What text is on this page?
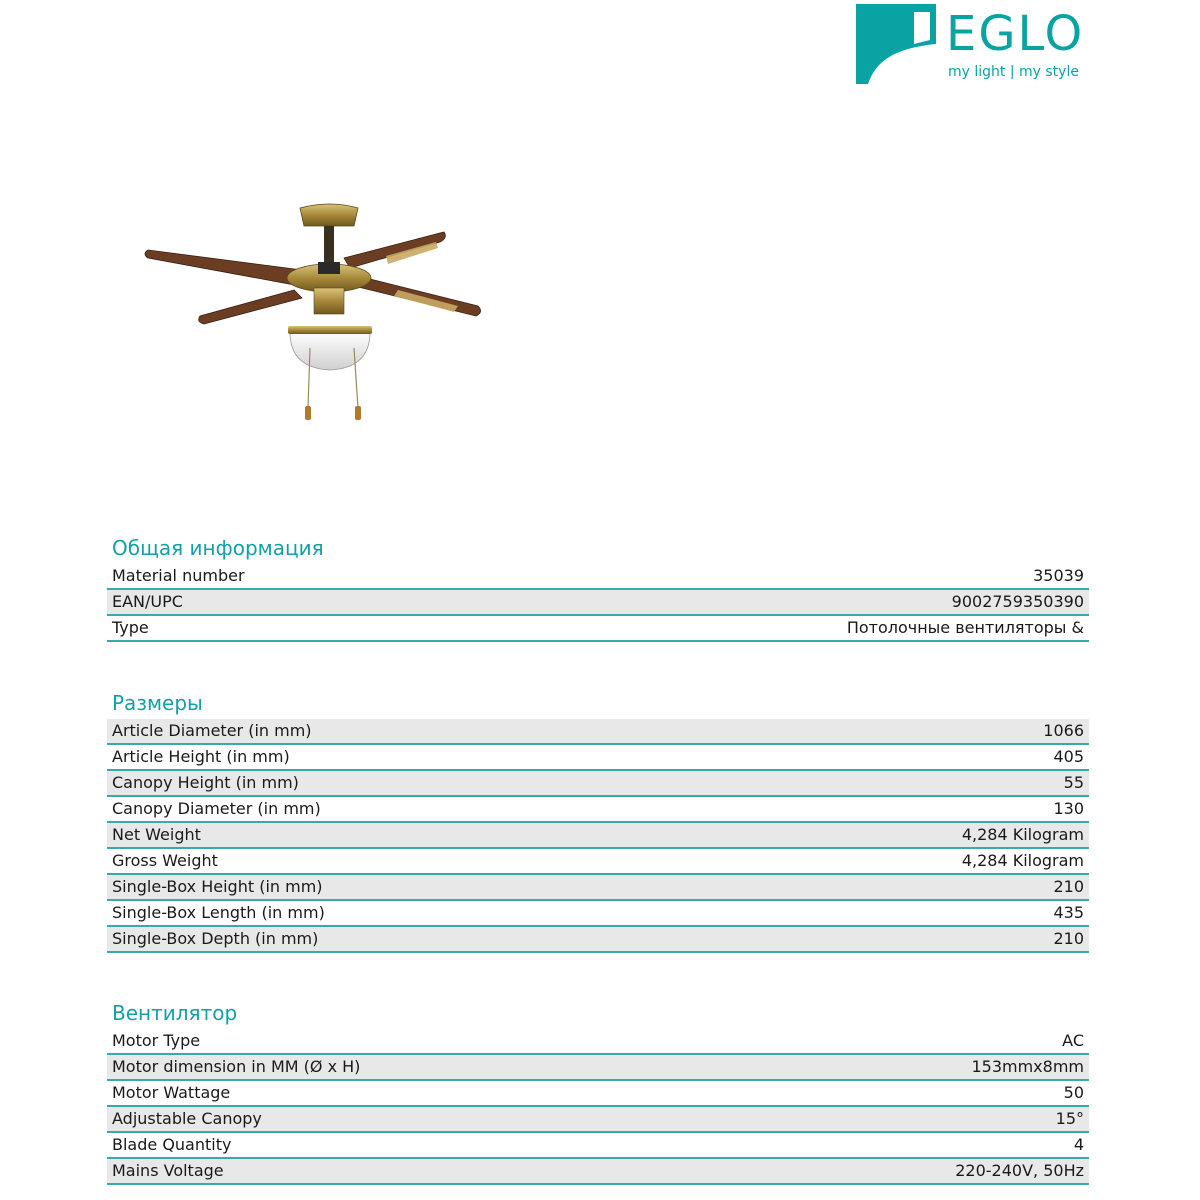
EGLO
my light | my style
Общая информация
Material number	35039
EAN/UPC	9002759350390
Type	Потолочные вентиляторы &
Размеры
Article Diameter (in mm)	1066
Article Height (in mm)	405
Canopy Height (in mm)	55
Canopy Diameter (in mm)	130
Net Weight	4,284 Kilogram
Gross Weight	4,284 Kilogram
Single-Box Height (in mm)	210
Single-Box Length (in mm)	435
Single-Box Depth (in mm)	210
Вентилятор
Motor Type	AC
Motor dimension in MM (Ø x H)	153mmx8mm
Motor Wattage	50
Adjustable Canopy	15°
Blade Quantity	4
Mains Voltage	220-240V, 50Hz
